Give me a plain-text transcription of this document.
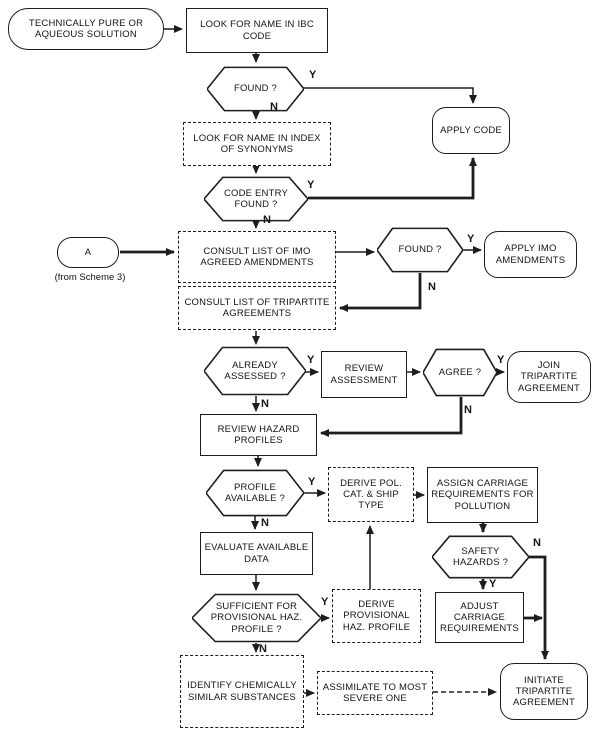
TECHNICALLY PURE OR AQUEOUS SOLUTION
LOOK FOR NAME IN IBC CODE
FOUND ?
LOOK FOR NAME IN INDEX OF SYNONYMS
CODE ENTRY FOUND ?
APPLY CODE
A
(from Scheme 3)
CONSULT LIST OF IMO AGREED AMENDMENTS
FOUND ?	APPLY IMO AMENDMENTS
CONSULT LIST OF TRIPARTITE AGREEMENTS
ALREADY ASSESSED ?
REVIEW ASSESSMENT
AGREE ?
JOIN TRIPARTITE AGREEMENT
REVIEW HAZARD PROFILES
PROFILE AVAILABLE ?
DERIVE POL. CAT. & SHIP TYPE
ASSIGN CARRIAGE REQUIREMENTS FOR POLLUTION
SAFETY HAZARDS ?
EVALUATE AVAILABLE DATA
SUFFICIENT FOR PROVISIONAL HAZ. PROFILE ?
DERIVE PROVISIONAL HAZ. PROFILE
ADJUST CARRIAGE REQUIREMENTS
IDENTIFY CHEMICALLY SIMILAR SUBSTANCES
ASSIMILATE TO MOST SEVERE ONE
INITIATE TRIPARTITE AGREEMENT
Y
N
Y
N
Y
N
Y
N
Y
N
Y
N
N
Y
Y
N
